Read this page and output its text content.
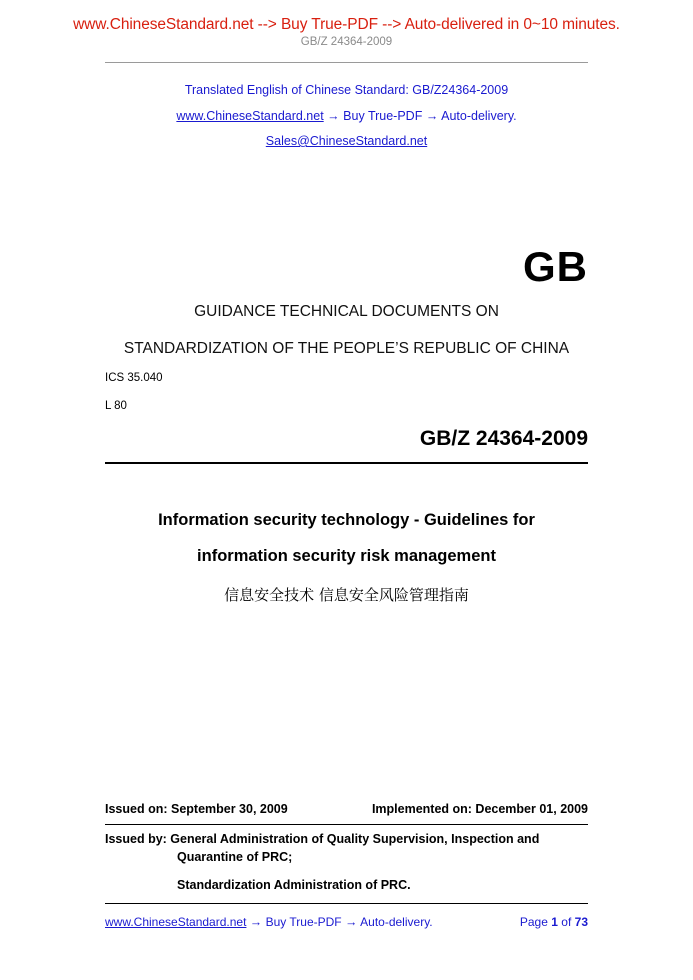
www.ChineseStandard.net --> Buy True-PDF --> Auto-delivered in 0~10 minutes.
GB/Z 24364-2009
Translated English of Chinese Standard: GB/Z24364-2009
www.ChineseStandard.net → Buy True-PDF → Auto-delivery.
Sales@ChineseStandard.net
GB
GUIDANCE TECHNICAL DOCUMENTS ON
STANDARDIZATION OF THE PEOPLE’S REPUBLIC OF CHINA
ICS 35.040
L 80
GB/Z 24364-2009
Information security technology - Guidelines for
information security risk management
信息安全技术 信息安全风险管理指南
Issued on: September 30, 2009	Implemented on: December 01, 2009
Issued by: General Administration of Quality Supervision, Inspection and
Quarantine of PRC;
Standardization Administration of PRC.
www.ChineseStandard.net → Buy True-PDF → Auto-delivery.	Page 1 of 73
